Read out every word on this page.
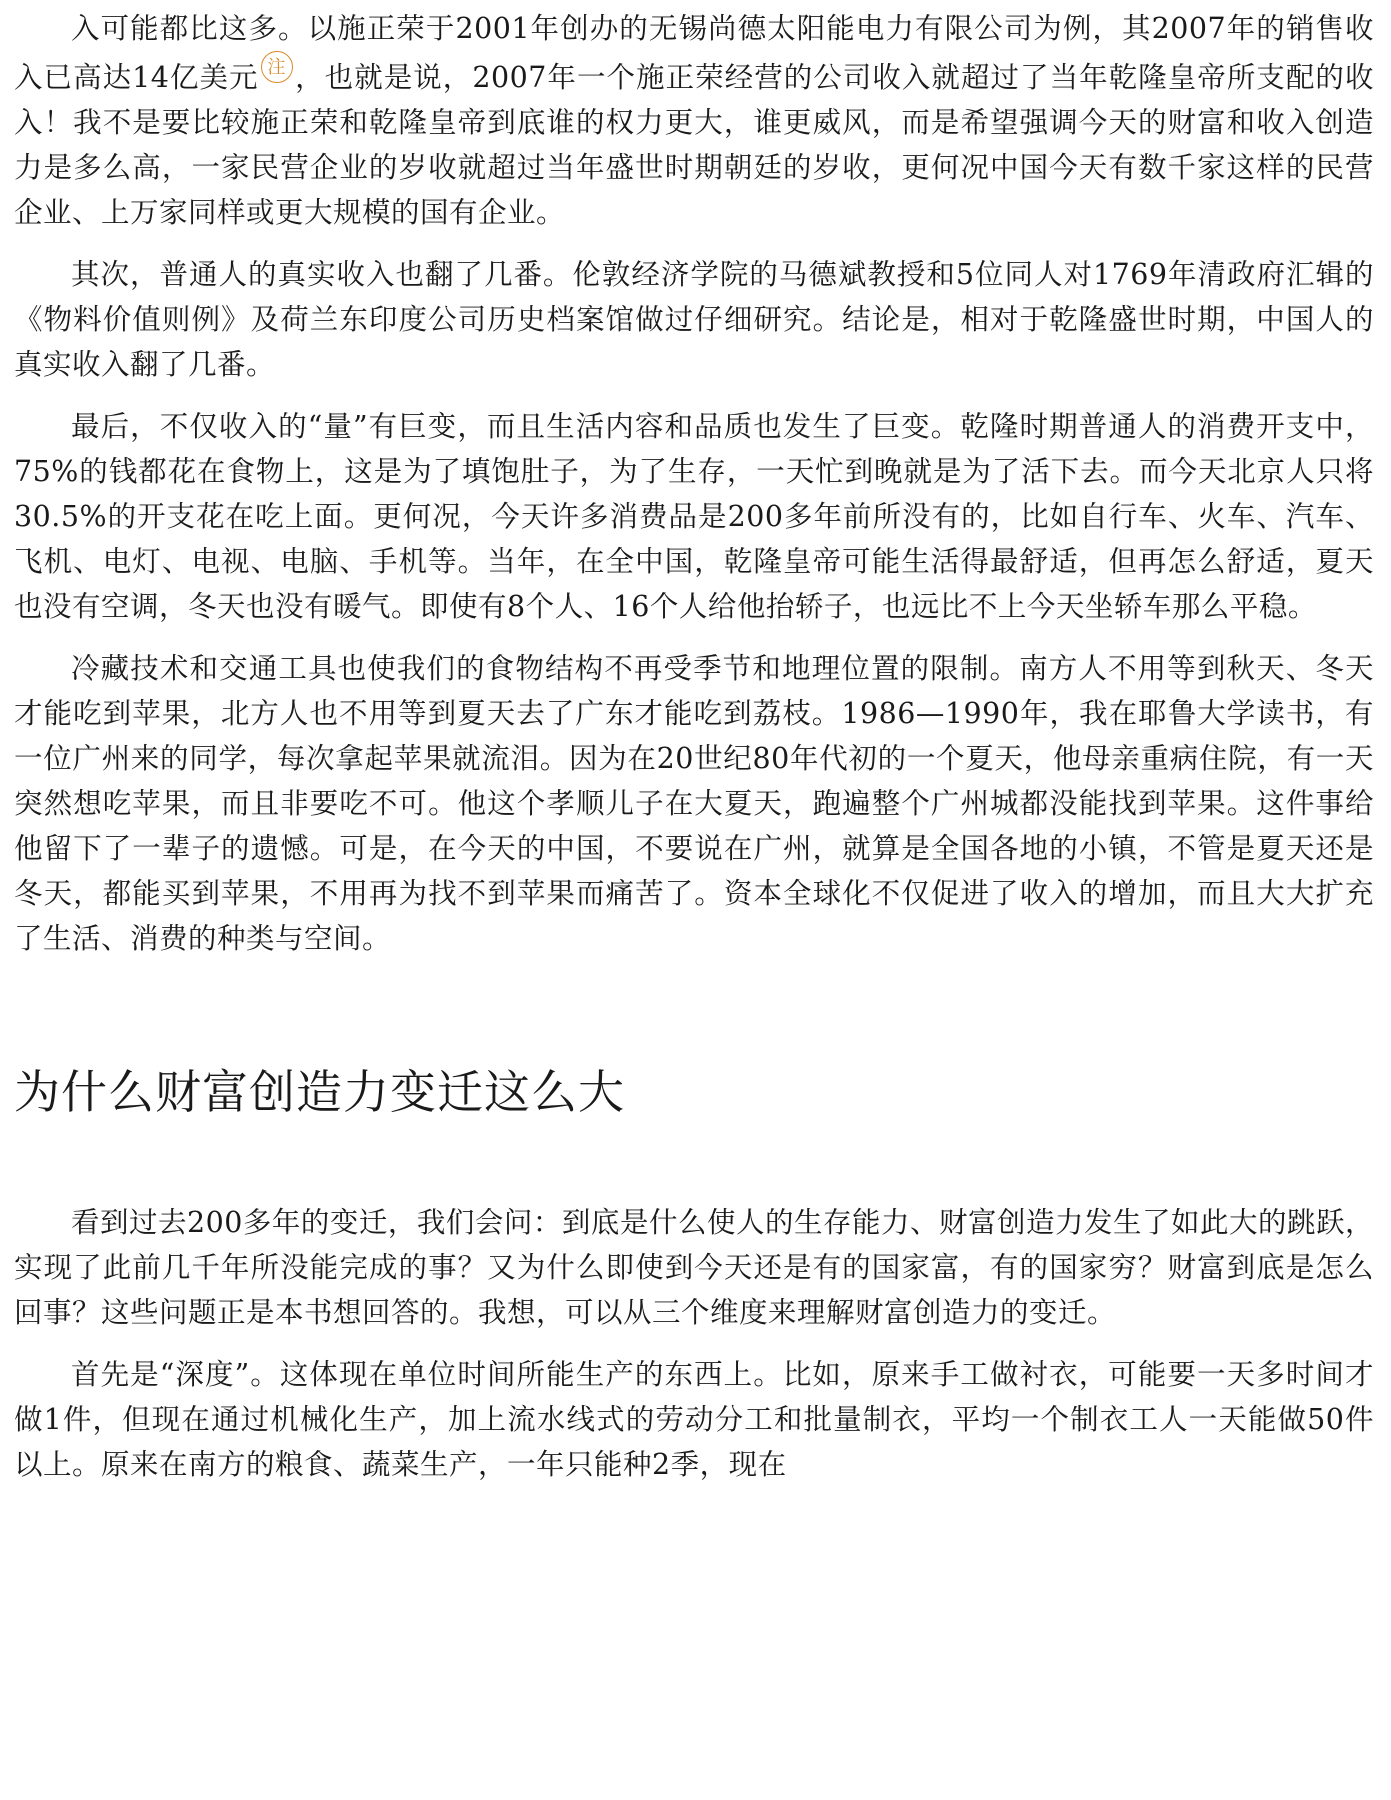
入可能都比这多。以施正荣于2001年创办的无锡尚德太阳能电力有限公司为例，其2007年的销售收入已高达14亿美元 注 ，也就是说，2007年一个施正荣经营的公司收入就超过了当年乾隆皇帝所支配的收入！我不是要比较施正荣和乾隆皇帝到底谁的权力更大，谁更威风，而是希望强调今天的财富和收入创造力是多么高，一家民营企业的岁收就超过当年盛世时期朝廷的岁收，更何况中国今天有数千家这样的民营企业、上万家同样或更大规模的国有企业。

其次，普通人的真实收入也翻了几番。伦敦经济学院的马德斌教授和5位同人对1769年清政府汇辑的《物料价值则例》及荷兰东印度公司历史档案馆做过仔细研究。结论是，相对于乾隆盛世时期，中国人的真实收入翻了几番。

最后，不仅收入的“量”有巨变，而且生活内容和品质也发生了巨变。乾隆时期普通人的消费开支中，75%的钱都花在食物上，这是为了填饱肚子，为了生存，一天忙到晚就是为了活下去。而今天北京人只将30.5%的开支花在吃上面。更何况，今天许多消费品是200多年前所没有的，比如自行车、火车、汽车、飞机、电灯、电视、电脑、手机等。当年，在全中国，乾隆皇帝可能生活得最舒适，但再怎么舒适，夏天也没有空调，冬天也没有暖气。即使有8个人、16个人给他抬轿子，也远比不上今天坐轿车那么平稳。

冷藏技术和交通工具也使我们的食物结构不再受季节和地理位置的限制。南方人不用等到秋天、冬天才能吃到苹果，北方人也不用等到夏天去了广东才能吃到荔枝。1986—1990年，我在耶鲁大学读书，有一位广州来的同学，每次拿起苹果就流泪。因为在20世纪80年代初的一个夏天，他母亲重病住院，有一天突然想吃苹果，而且非要吃不可。他这个孝顺儿子在大夏天，跑遍整个广州城都没能找到苹果。这件事给他留下了一辈子的遗憾。可是，在今天的中国，不要说在广州，就算是全国各地的小镇，不管是夏天还是冬天，都能买到苹果，不用再为找不到苹果而痛苦了。资本全球化不仅促进了收入的增加，而且大大扩充了生活、消费的种类与空间。

为什么财富创造力变迁这么大

看到过去200多年的变迁，我们会问：到底是什么使人的生存能力、财富创造力发生了如此大的跳跃，实现了此前几千年所没能完成的事？又为什么即使到今天还是有的国家富，有的国家穷？财富到底是怎么回事？这些问题正是本书想回答的。我想，可以从三个维度来理解财富创造力的变迁。

首先是“深度”。这体现在单位时间所能生产的东西上。比如，原来手工做衬衣，可能要一天多时间才做1件，但现在通过机械化生产，加上流水线式的劳动分工和批量制衣，平均一个制衣工人一天能做50件以上。原来在南方的粮食、蔬菜生产，一年只能种2季，现在
